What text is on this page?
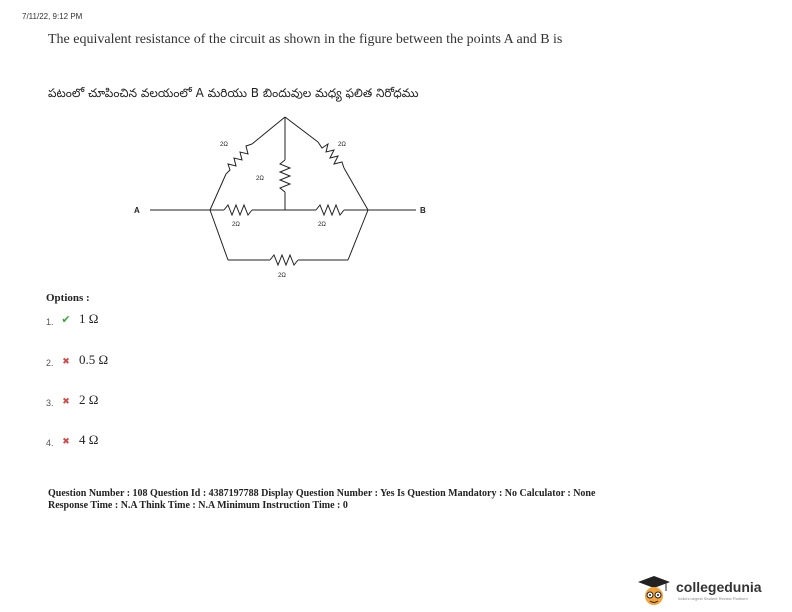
7/11/22, 9:12 PM
The equivalent resistance of the circuit as shown in the figure between the points A and B is
పటంలో చూపించిన వలయంలో A మరియు B బిందువుల మధ్య ఫలిత నిరోధము
A	B
2Ω	2Ω
2Ω
2Ω	2Ω
2Ω
Options :
1. ✔ 1 Ω
2. ✖ 0.5 Ω
3. ✖ 2 Ω
4. ✖ 4 Ω
Question Number : 108 Question Id : 4387197788 Display Question Number : Yes Is Question Mandatory : No Calculator : None
Response Time : N.A Think Time : N.A Minimum Instruction Time : 0
collegedunia
India's largest Student Review Platform
